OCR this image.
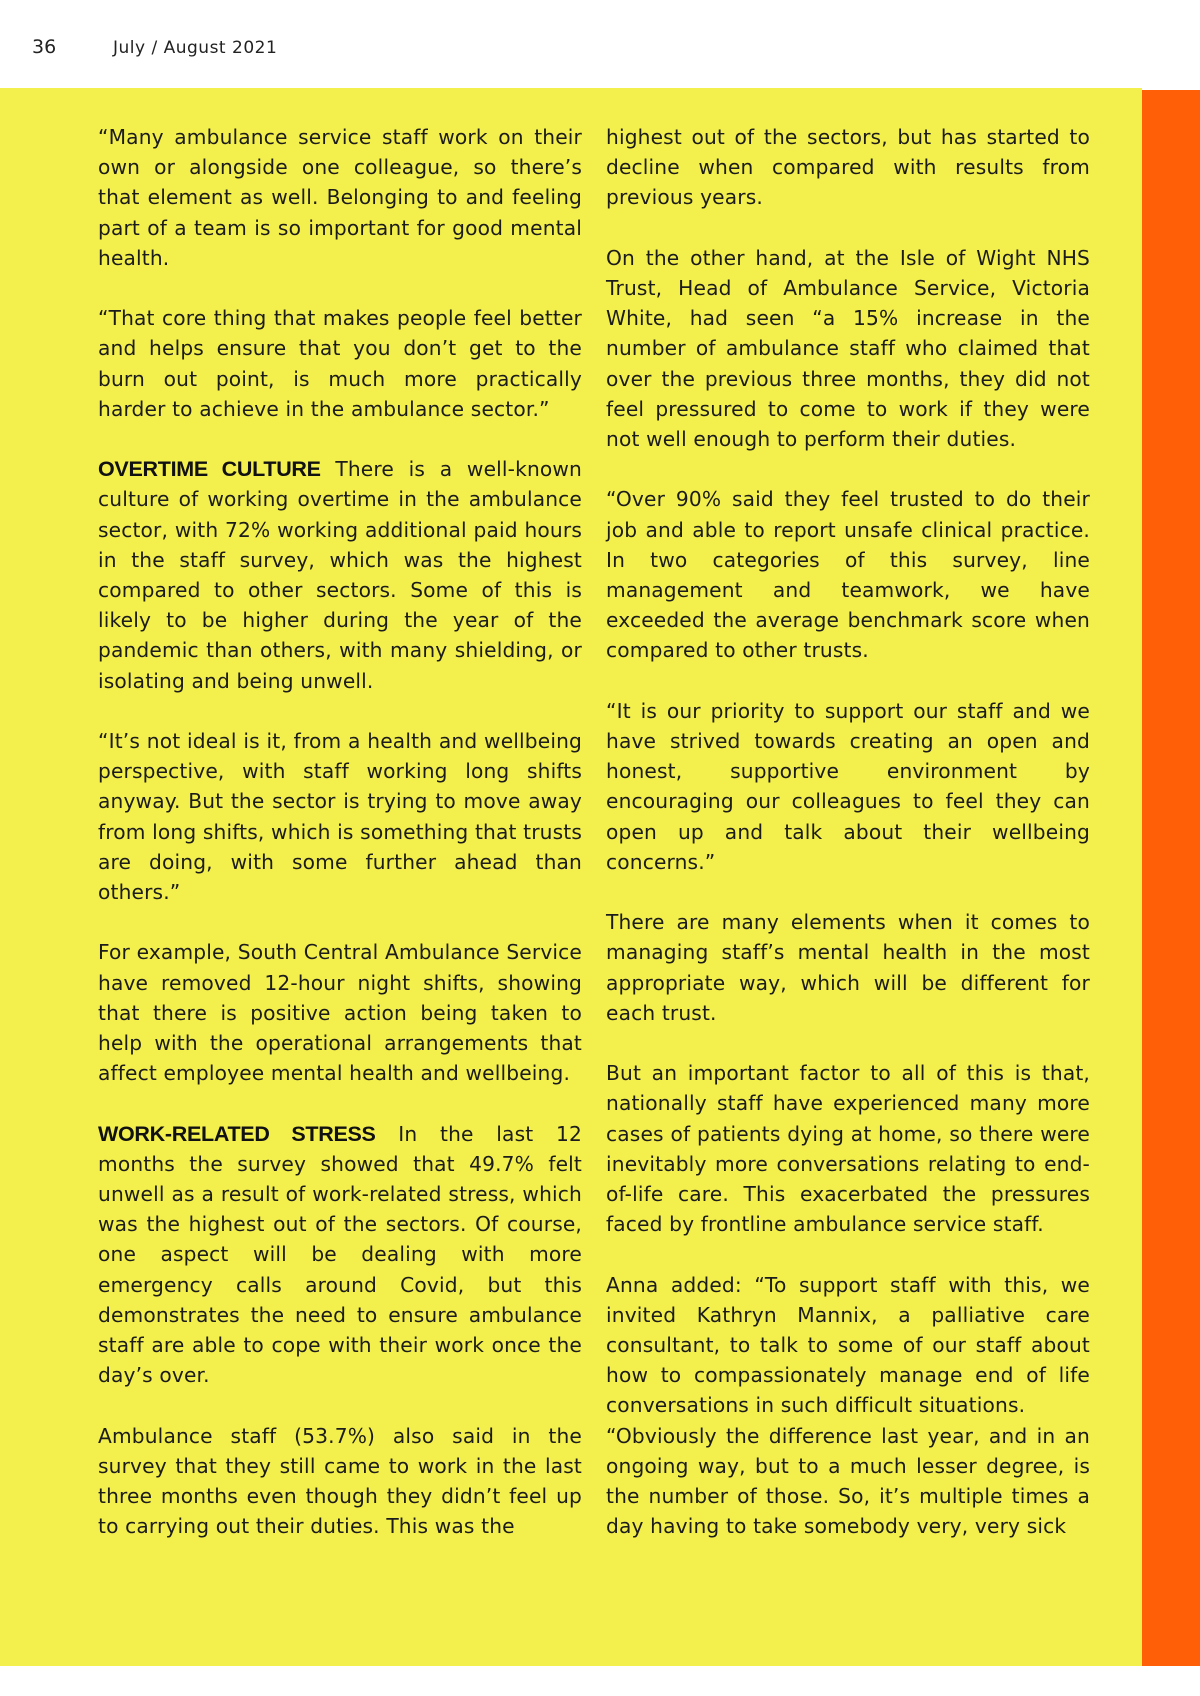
36	July / August 2021

“Many ambulance service staff work on their own or alongside one colleague, so there’s that element as well. Belonging to and feeling part of a team is so important for good mental health.

“That core thing that makes people feel better and helps ensure that you don’t get to the burn out point, is much more practically harder to achieve in the ambulance sector.”

OVERTIME CULTURE There is a well-known culture of working overtime in the ambulance sector, with 72% working additional paid hours in the staff survey, which was the highest compared to other sectors. Some of this is likely to be higher during the year of the pandemic than others, with many shielding, or isolating and being unwell.

“It’s not ideal is it, from a health and wellbeing perspective, with staff working long shifts anyway. But the sector is trying to move away from long shifts, which is something that trusts are doing, with some further ahead than others.”

For example, South Central Ambulance Service have removed 12-hour night shifts, showing that there is positive action being taken to help with the operational arrangements that affect employee mental health and wellbeing.

WORK-RELATED STRESS In the last 12 months the survey showed that 49.7% felt unwell as a result of work-related stress, which was the highest out of the sectors. Of course, one aspect will be dealing with more emergency calls around Covid, but this demonstrates the need to ensure ambulance staff are able to cope with their work once the day’s over.

Ambulance staff (53.7%) also said in the survey that they still came to work in the last three months even though they didn’t feel up to carrying out their duties. This was the

highest out of the sectors, but has started to decline when compared with results from previous years.

On the other hand, at the Isle of Wight NHS Trust, Head of Ambulance Service, Victoria White, had seen “a 15% increase in the number of ambulance staff who claimed that over the previous three months, they did not feel pressured to come to work if they were not well enough to perform their duties.

“Over 90% said they feel trusted to do their job and able to report unsafe clinical practice. In two categories of this survey, line management and teamwork, we have exceeded the average benchmark score when compared to other trusts.

“It is our priority to support our staff and we have strived towards creating an open and honest, supportive environment by encouraging our colleagues to feel they can open up and talk about their wellbeing concerns.”

There are many elements when it comes to managing staff’s mental health in the most appropriate way, which will be different for each trust.

But an important factor to all of this is that, nationally staff have experienced many more cases of patients dying at home, so there were inevitably more conversations relating to end-of-life care. This exacerbated the pressures faced by frontline ambulance service staff.

Anna added: “To support staff with this, we invited Kathryn Mannix, a palliative care consultant, to talk to some of our staff about how to compassionately manage end of life conversations in such difficult situations.

“Obviously the difference last year, and in an ongoing way, but to a much lesser degree, is the number of those. So, it’s multiple times a day having to take somebody very, very sick
